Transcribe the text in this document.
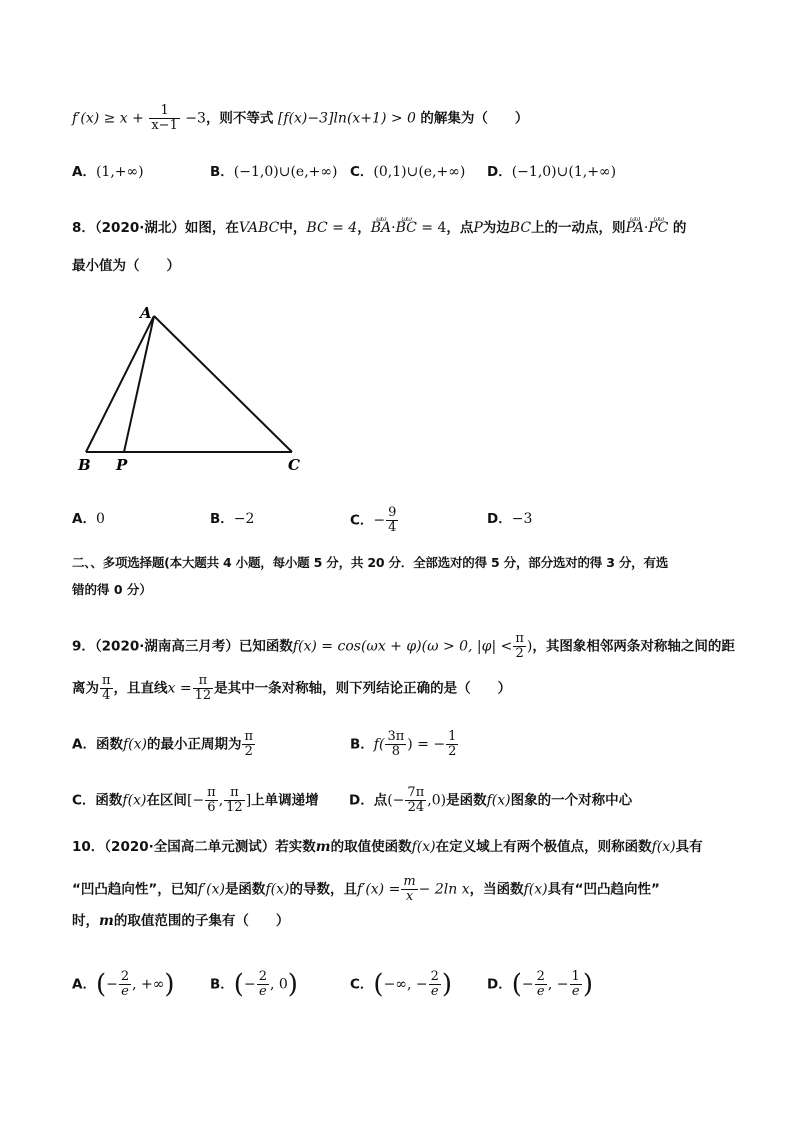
$f'(x) \ge x + \frac{1}{x-1} -3$，则不等式 [f(x)−3]ln(x+1) > 0 的解集为（　　）
A．(1,+∞)	B．(−1,0)∪(e,+∞) C．(0,1)∪(e,+∞) D．(−1,0)∪(1,+∞)
8．（2020·湖北）如图，在VABC中，BC = 4，ωω BA·ωω BC = 4，点P为边BC上的一动点，则ωω PA·ωω PC 的
最小值为（　　）
A
B P	C
A．0	B．−2	C．− $\frac{9}{4}$	D．−3
二、、多项选择题(本大题共 4 小题，每小题 5 分，共 20 分．全部选对的得 5 分，部分选对的得 3 分，有选
错的得 0 分）
9．（2020·湖南高三月考）已知函数f(x) = cos(ωx + φ)(ω > 0, $|\varphi| < \frac{\pi}{2}$ )，其图象相邻两条对称轴之间的距
离为 $\frac{\pi}{4}$ ，且直线$x = \frac{\pi}{12}$ 是其中一条对称轴，则下列结论正确的是（　　）
A．函数f(x)的最小正周期为 $\frac{\pi}{2}$	B．$f( \frac{3\pi}{8}$ ) = − $\frac{1}{2}$
C．函数f(x)在区间[− $\frac{\pi}{6}$ , $\frac{\pi}{12}$ ]上单调递增 D．点(− $\frac{7\pi}{24} ,0$)是函数f(x)图象的一个对称中心
10．（2020·全国高二单元测试）若实数m的取值使函数f(x)在定义域上有两个极值点，则称函数f(x)具有
“凹凸趋向性”，已知f′(x)是函数f(x)的导数，且$f'(x) = \frac{m}{x} - 2\ln$ x，当函数f(x)具有“凹凸趋向性”
时，m的取值范围的子集有（　　）
A．(− $\frac{2}{e}$ , +∞)	B．(− $\frac{2}{e}$ , 0)	C．(−∞, − $\frac{2}{e}$ )	D．(− $\frac{2}{e}$ , − $\frac{1}{e}$ )
